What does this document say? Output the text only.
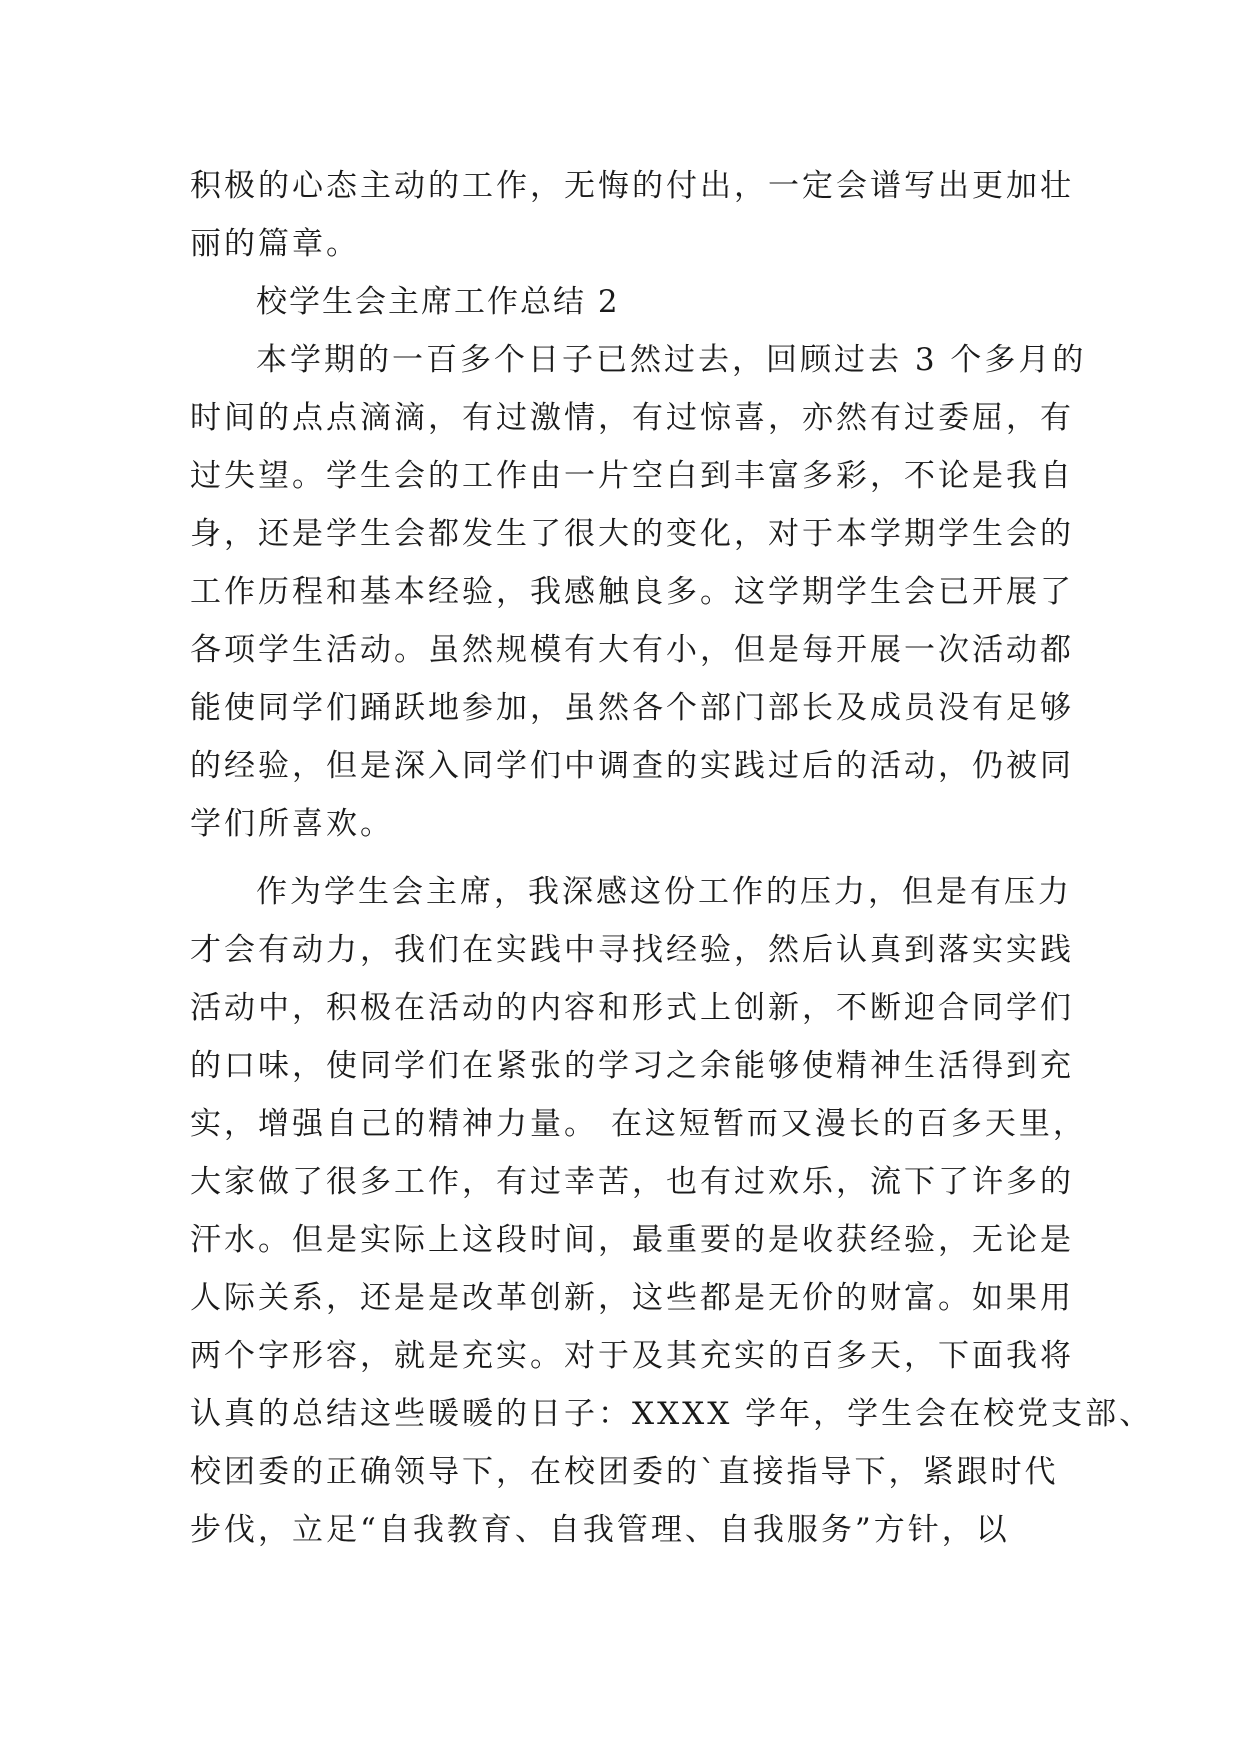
积极的心态主动的工作，无悔的付出，一定会谱写出更加壮
丽的篇章。
校学生会主席工作总结 2
本学期的一百多个日子已然过去，回顾过去 3 个多月的
时间的点点滴滴，有过激情，有过惊喜，亦然有过委屈，有
过失望。学生会的工作由一片空白到丰富多彩，不论是我自
身，还是学生会都发生了很大的变化，对于本学期学生会的
工作历程和基本经验，我感触良多。这学期学生会已开展了
各项学生活动。虽然规模有大有小，但是每开展一次活动都
能使同学们踊跃地参加，虽然各个部门部长及成员没有足够
的经验，但是深入同学们中调查的实践过后的活动，仍被同
学们所喜欢。
作为学生会主席，我深感这份工作的压力，但是有压力
才会有动力，我们在实践中寻找经验，然后认真到落实实践
活动中，积极在活动的内容和形式上创新，不断迎合同学们
的口味，使同学们在紧张的学习之余能够使精神生活得到充
实，增强自己的精神力量。 在这短暂而又漫长的百多天里，
大家做了很多工作，有过幸苦，也有过欢乐，流下了许多的
汗水。但是实际上这段时间，最重要的是收获经验，无论是
人际关系，还是是改革创新，这些都是无价的财富。如果用
两个字形容，就是充实。对于及其充实的百多天，下面我将
认真的总结这些暖暖的日子：XXXX 学年，学生会在校党支部、
校团委的正确领导下，在校团委的`直接指导下，紧跟时代
步伐，立足“自我教育、自我管理、自我服务”方针，以
